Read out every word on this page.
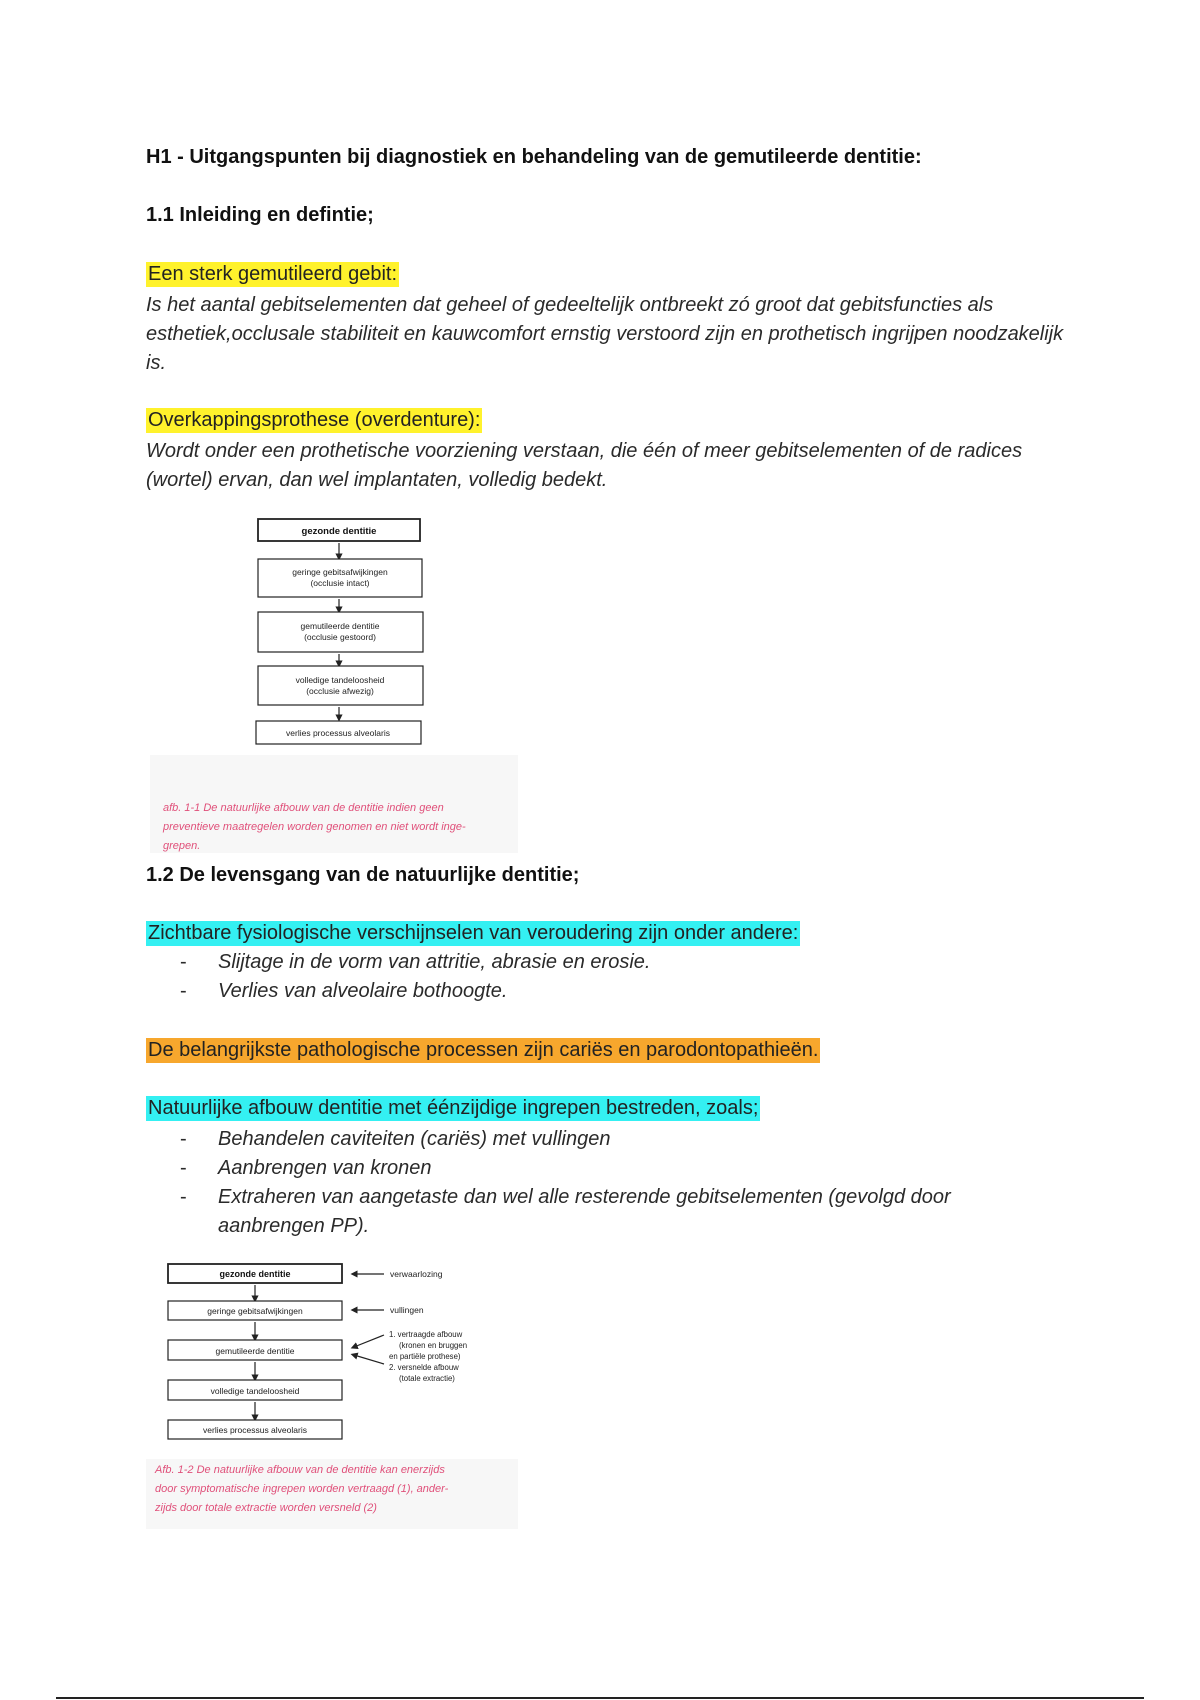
H1 - Uitgangspunten bij diagnostiek en behandeling van de gemutileerde dentitie:
1.1 Inleiding en defintie;
Een sterk gemutileerd gebit:
Is het aantal gebitselementen dat geheel of gedeeltelijk ontbreekt zó groot dat gebitsfuncties als esthetiek,occlusale stabiliteit en kauwcomfort ernstig verstoord zijn en prothetisch ingrijpen noodzakelijk is.
Overkappingsprothese (overdenture):
Wordt onder een prothetische voorziening verstaan, die één of meer gebitselementen of de radices (wortel) ervan, dan wel implantaten, volledig bedekt.
gezonde dentitie
geringe gebitsafwijkingen
(occlusie intact)
gemutileerde dentitie
(occlusie gestoord)
volledige tandeloosheid
(occlusie afwezig)
verlies processus alveolaris
afb. 1-1 De natuurlijke afbouw van de dentitie indien geen
preventieve maatregelen worden genomen en niet wordt inge-
grepen.
1.2 De levensgang van de natuurlijke dentitie;
Zichtbare fysiologische verschijnselen van veroudering zijn onder andere:
- Slijtage in de vorm van attritie, abrasie en erosie.
- Verlies van alveolaire bothoogte.
De belangrijkste pathologische processen zijn cariës en parodontopathieën.
Natuurlijke afbouw dentitie met éénzijdige ingrepen bestreden, zoals;
- Behandelen caviteiten (cariës) met vullingen
- Aanbrengen van kronen
- Extraheren van aangetaste dan wel alle resterende gebitselementen (gevolgd door aanbrengen PP).
gezonde dentitie
geringe gebitsafwijkingen
gemutileerde dentitie
volledige tandeloosheid
verlies processus alveolaris
verwaarlozing
vullingen
1. vertraagde afbouw
(kronen en bruggen
en partiële prothese)
2. versnelde afbouw
(totale extractie)
Afb. 1-2 De natuurlijke afbouw van de dentitie kan enerzijds
door symptomatische ingrepen worden vertraagd (1), ander-
zijds door totale extractie worden versneld (2)
